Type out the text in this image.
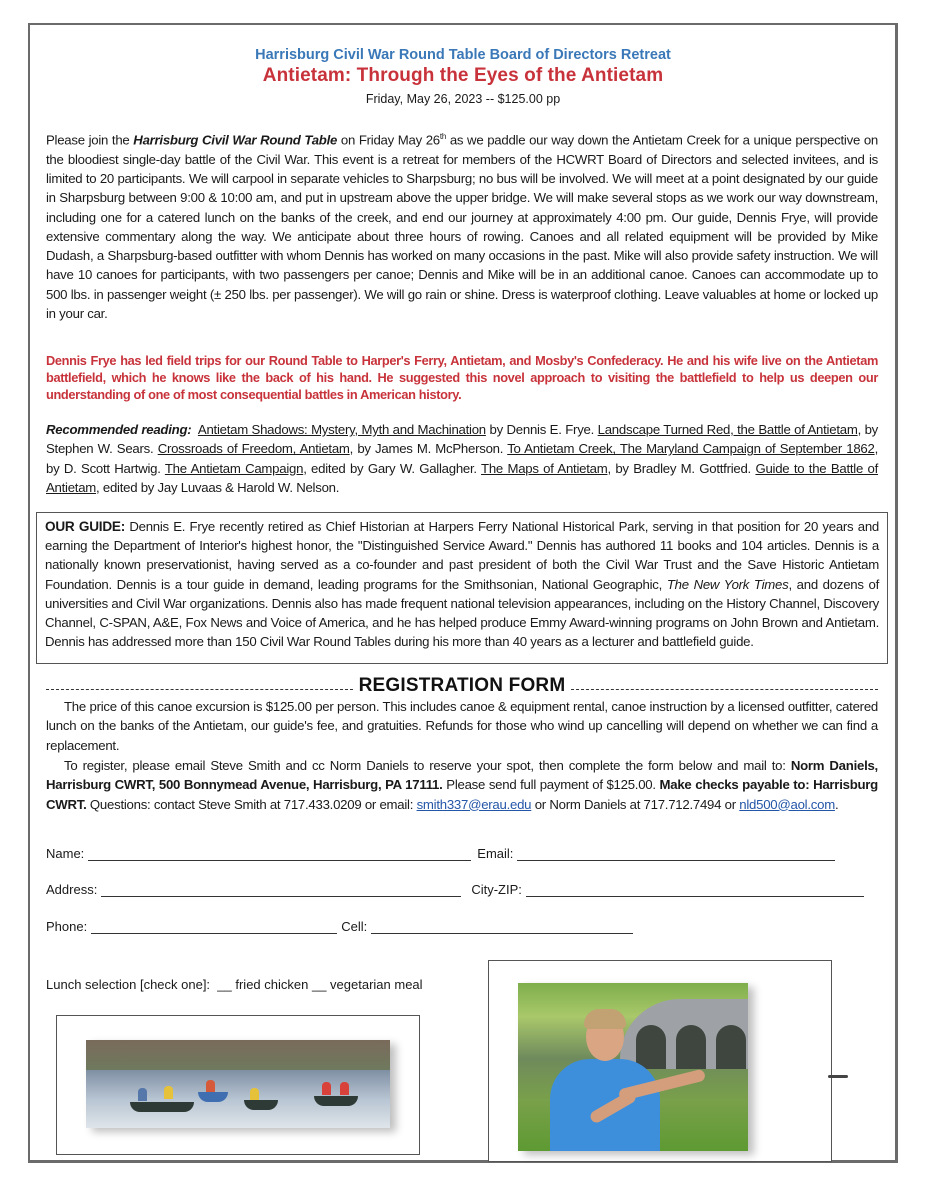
Harrisburg Civil War Round Table Board of Directors Retreat
Antietam: Through the Eyes of the Antietam
Friday, May 26, 2023 -- $125.00 pp
Please join the Harrisburg Civil War Round Table on Friday May 26th as we paddle our way down the Antietam Creek for a unique perspective on the bloodiest single-day battle of the Civil War. This event is a retreat for members of the HCWRT Board of Directors and selected invitees, and is limited to 20 participants. We will carpool in separate vehicles to Sharpsburg; no bus will be involved. We will meet at a point designated by our guide in Sharpsburg between 9:00 & 10:00 am, and put in upstream above the upper bridge. We will make several stops as we work our way downstream, including one for a catered lunch on the banks of the creek, and end our journey at approximately 4:00 pm. Our guide, Dennis Frye, will provide extensive commentary along the way. We anticipate about three hours of rowing. Canoes and all related equipment will be provided by Mike Dudash, a Sharpsburg-based outfitter with whom Dennis has worked on many occasions in the past. Mike will also provide safety instruction. We will have 10 canoes for participants, with two passengers per canoe; Dennis and Mike will be in an additional canoe. Canoes can accommodate up to 500 lbs. in passenger weight (± 250 lbs. per passenger). We will go rain or shine. Dress is waterproof clothing. Leave valuables at home or locked up in your car.
Dennis Frye has led field trips for our Round Table to Harper's Ferry, Antietam, and Mosby's Confederacy. He and his wife live on the Antietam battlefield, which he knows like the back of his hand. He suggested this novel approach to visiting the battlefield to help us deepen our understanding of one of most consequential battles in American history.
Recommended reading: Antietam Shadows: Mystery, Myth and Machination by Dennis E. Frye. Landscape Turned Red, the Battle of Antietam, by Stephen W. Sears. Crossroads of Freedom, Antietam, by James M. McPherson. To Antietam Creek, The Maryland Campaign of September 1862, by D. Scott Hartwig. The Antietam Campaign, edited by Gary W. Gallagher. The Maps of Antietam, by Bradley M. Gottfried. Guide to the Battle of Antietam, edited by Jay Luvaas & Harold W. Nelson.
OUR GUIDE: Dennis E. Frye recently retired as Chief Historian at Harpers Ferry National Historical Park, serving in that position for 20 years and earning the Department of Interior's highest honor, the "Distinguished Service Award." Dennis has authored 11 books and 104 articles. Dennis is a nationally known preservationist, having served as a co-founder and past president of both the Civil War Trust and the Save Historic Antietam Foundation. Dennis is a tour guide in demand, leading programs for the Smithsonian, National Geographic, The New York Times, and dozens of universities and Civil War organizations. Dennis also has made frequent national television appearances, including on the History Channel, Discovery Channel, C-SPAN, A&E, Fox News and Voice of America, and he has helped produce Emmy Award-winning programs on John Brown and Antietam. Dennis has addressed more than 150 Civil War Round Tables during his more than 40 years as a lecturer and battlefield guide.
REGISTRATION FORM
The price of this canoe excursion is $125.00 per person. This includes canoe & equipment rental, canoe instruction by a licensed outfitter, catered lunch on the banks of the Antietam, our guide's fee, and gratuities. Refunds for those who wind up cancelling will depend on whether we can find a replacement.
To register, please email Steve Smith and cc Norm Daniels to reserve your spot, then complete the form below and mail to: Norm Daniels, Harrisburg CWRT, 500 Bonnymead Avenue, Harrisburg, PA 17111. Please send full payment of $125.00. Make checks payable to: Harrisburg CWRT. Questions: contact Steve Smith at 717.433.0209 or email: smith337@erau.edu or Norm Daniels at 717.712.7494 or nld500@aol.com.
Name:	Email:
Address:	City-ZIP:
Phone:	Cell:
Lunch selection [check one]: __ fried chicken __ vegetarian meal
